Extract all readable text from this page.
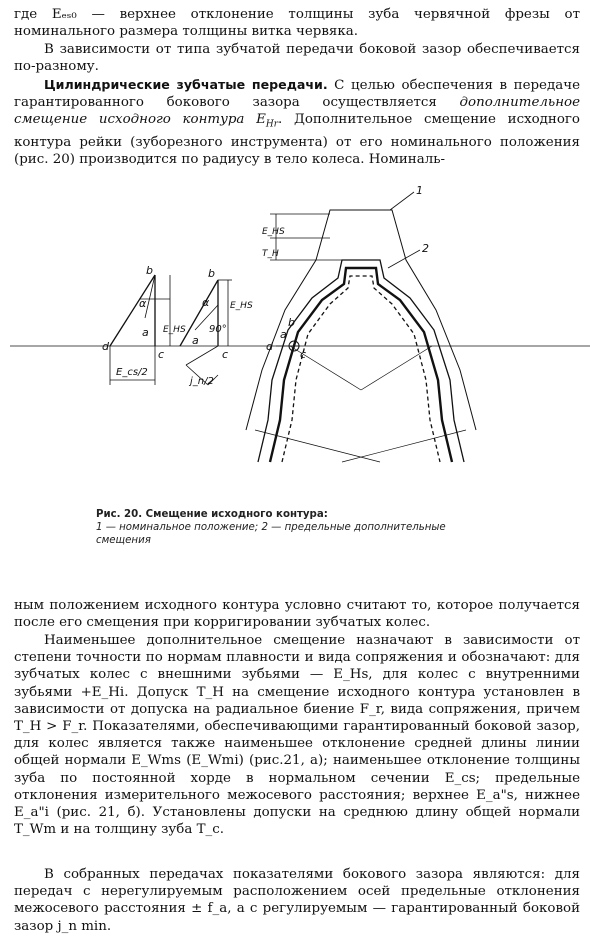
где Eₑₛ₀ — верхнее отклонение толщины зуба червячной фрезы от номинального размера толщины витка червяка.

В зависимости от типа зубчатой передачи боковой зазор обеспечивается по-разному.

Цилиндрические зубчатые передачи. С целью обеспечения в передаче гарантированного бокового зазора осуществляется дополнительное смещение исходного контура $E_{Hr}$. Дополнительное смещение исходного контура рейки (зуборезного инструмента) от его номинального положения (рис. 20) производится по радиусу в тело колеса. Номиналь-

b
α
E_HS
a
d
c
E_cs/2
b
α E_HS
90°
a
c
j_n/2
E_HS
T_H
1
2
b
a
c
d
Рис. 20. Смещение исходного контура:
1 — номинальное положение; 2 — предельные дополнительные смещения

ным положением исходного контура условно считают то, которое получается после его смещения при корригировании зубчатых колес.

Наименьшее дополнительное смещение назначают в зависимости от степени точности по нормам плавности и вида сопряжения и обозначают: для зубчатых колес с внешними зубьями — E_Hs, для колес с внутренними зубьями +E_Hi. Допуск T_H на смещение исходного контура установлен в зависимости от допуска на радиальное биение F_r, вида сопряжения, причем T_H > F_r. Показателями, обеспечивающими гарантированный боковой зазор, для колес является также наименьшее отклонение средней длины линии общей нормали E_Wms (E_Wmi) (рис.21, а); наименьшее отклонение толщины зуба по постоянной хорде в нормальном сечении E_cs; предельные отклонения измерительного межосевого расстояния; верхнее E_a"s, нижнее E_a"i (рис. 21, б). Установлены допуски на среднюю длину общей нормали T_Wm и на толщину зуба T_c.

В собранных передачах показателями бокового зазора являются: для передач с нерегулируемым расположением осей предельные отклонения межосевого расстояния ± f_a, а с регулируемым — гарантированный боковой зазор j_n min.
